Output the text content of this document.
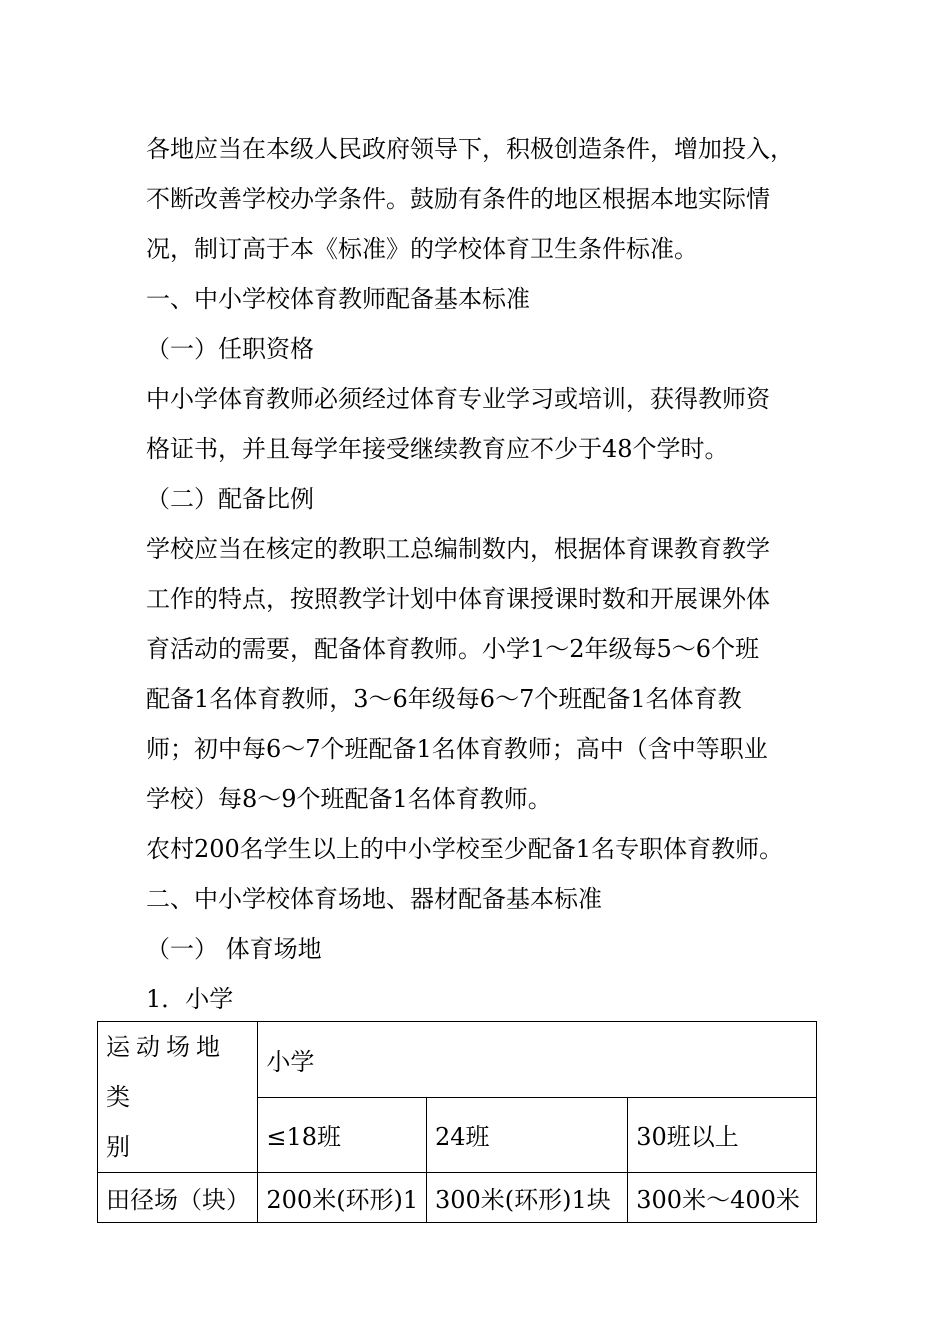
各地应当在本级人民政府领导下，积极创造条件，增加投入，

不断改善学校办学条件。鼓励有条件的地区根据本地实际情

况，制订高于本《标准》的学校体育卫生条件标准。

一、中小学校体育教师配备基本标准

（一）任职资格

中小学体育教师必须经过体育专业学习或培训，获得教师资

格证书，并且每学年接受继续教育应不少于48个学时。

（二）配备比例

学校应当在核定的教职工总编制数内，根据体育课教育教学

工作的特点，按照教学计划中体育课授课时数和开展课外体

育活动的需要，配备体育教师。小学1～2年级每5～6个班

配备1名体育教师，3～6年级每6～7个班配备1名体育教

师；初中每6～7个班配备1名体育教师；高中（含中等职业

学校）每8～9个班配备1名体育教师。

农村200名学生以上的中小学校至少配备1名专职体育教师。

二、中小学校体育场地、器材配备基本标准

（一） 体育场地

1．小学

运动场地类
别	小学		
	≤18班	24班	30班以上
田径场（块）	200米(环形)1	300米(环形)1块	300米～400米
